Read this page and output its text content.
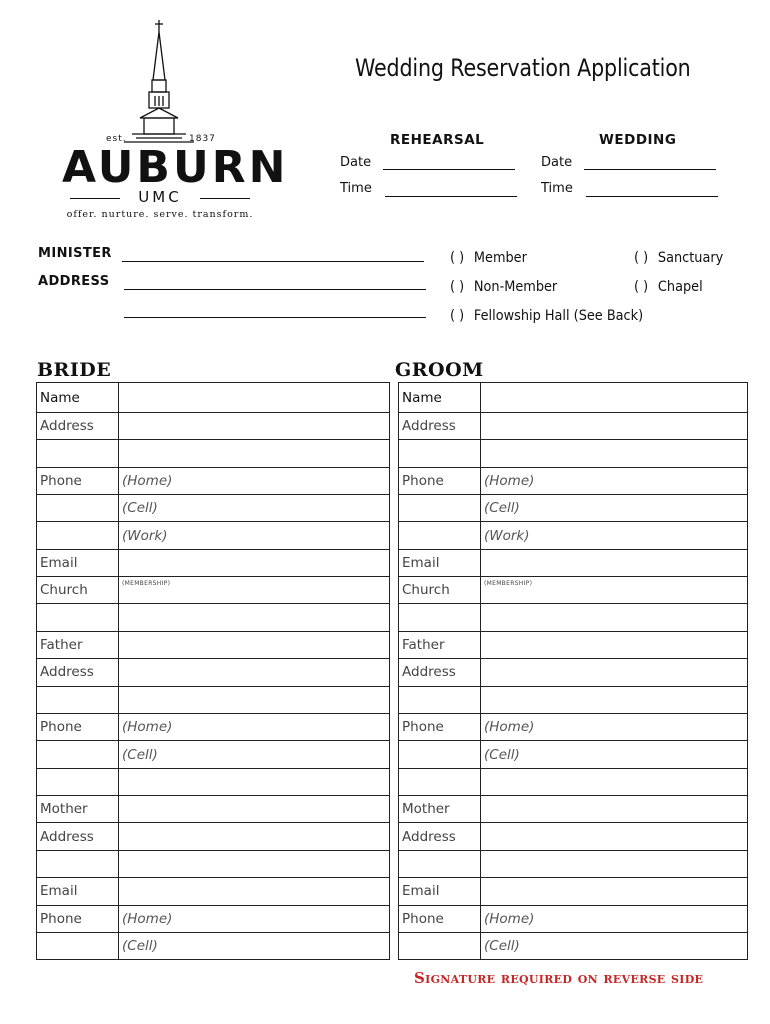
est.	1837
AUBURN
UMC
offer. nurture. serve. transform.
Wedding Reservation Application
REHEARSAL	WEDDING
Date
Time
Date
Time
MINISTER
ADDRESS
( ) Member
( ) Non-Member
( ) Fellowship Hall (See Back)
( ) Sanctuary
( ) Chapel
BRIDE
Name	
Address	

Phone	(Home)
	(Cell)
	(Work)
Email	
Church	(MEMBERSHIP)

Father	
Address	

Phone	(Home)
	(Cell)

Mother	
Address	

Email	
Phone	(Home)
	(Cell)
GROOM
Name	
Address	

Phone	(Home)
	(Cell)
	(Work)
Email	
Church	(MEMBERSHIP)

Father	
Address	

Phone	(Home)
	(Cell)

Mother	
Address	

Email	
Phone	(Home)
	(Cell)
Signature required on reverse side
